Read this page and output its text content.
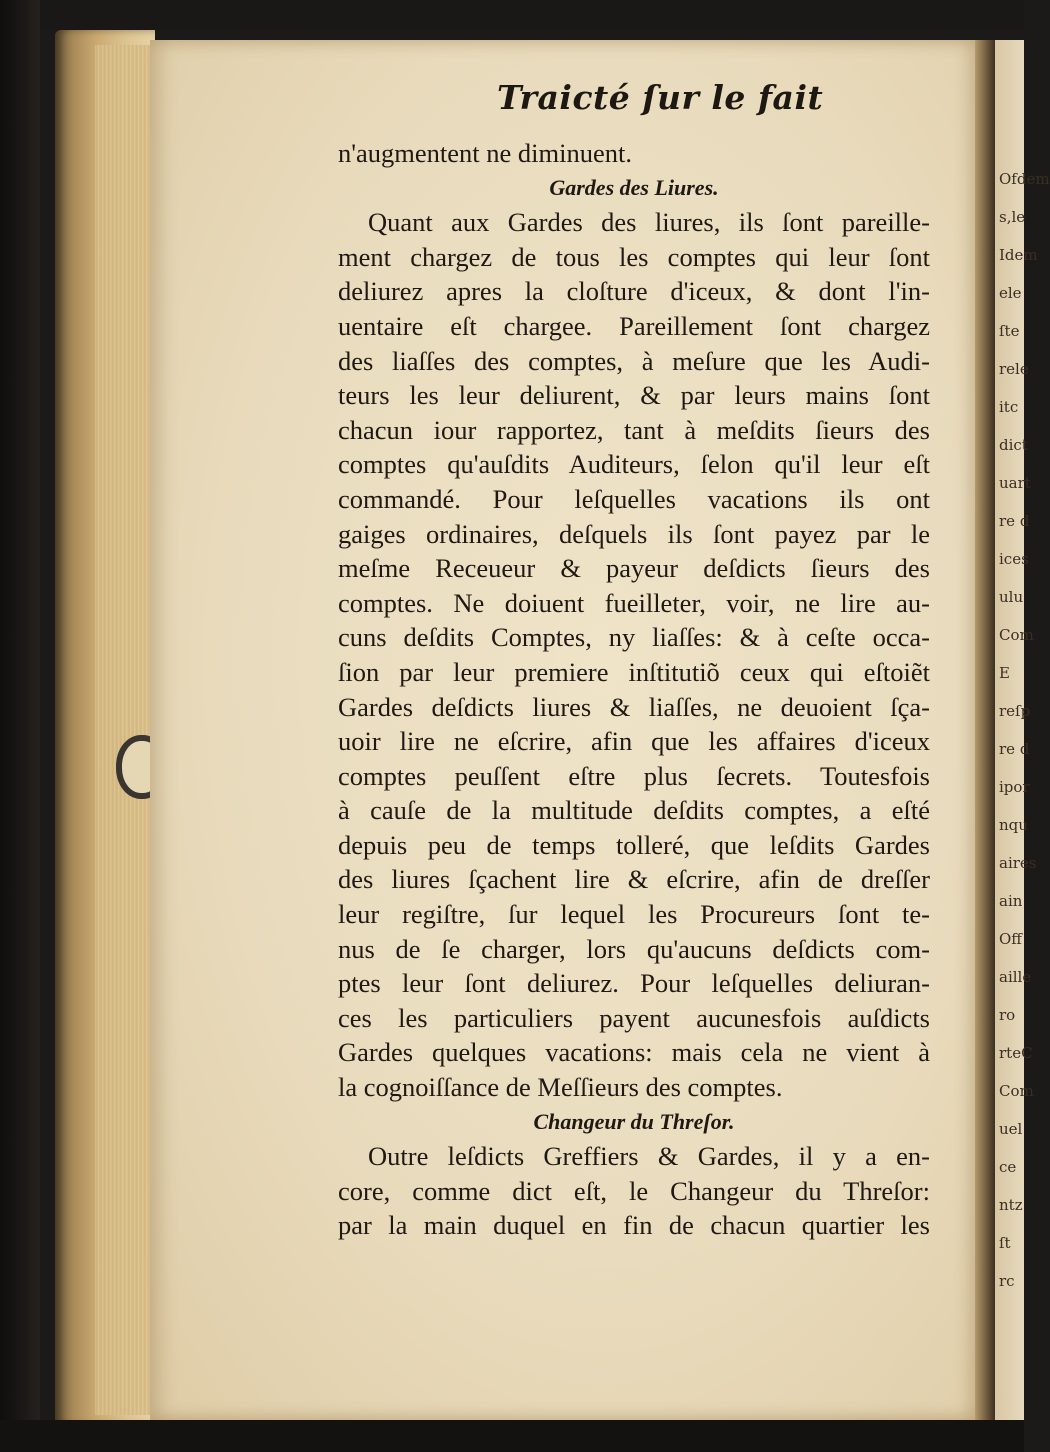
Traicté ſur le fait
n'augmentent ne diminuent.
Gardes des Liures.
Quant aux Gardes des liures, ils ſont pareille-
ment chargez de tous les comptes qui leur ſont
deliurez apres la cloſture d'iceux, & dont l'in-
uentaire eſt chargee. Pareillement ſont chargez
des liaſſes des comptes, à meſure que les Audi-
teurs les leur deliurent, & par leurs mains ſont
chacun iour rapportez, tant à meſdits ſieurs des
comptes qu'auſdits Auditeurs, ſelon qu'il leur eſt
commandé. Pour leſquelles vacations ils ont
gaiges ordinaires, deſquels ils ſont payez par le
meſme Receueur & payeur deſdicts ſieurs des
comptes. Ne doiuent fueilleter, voir, ne lire au-
cuns deſdits Comptes, ny liaſſes: & à ceſte occa-
ſion par leur premiere inſtitutiõ ceux qui eſtoiẽt
Gardes deſdicts liures & liaſſes, ne deuoient ſça-
uoir lire ne eſcrire, afin que les affaires d'iceux
comptes peuſſent eſtre plus ſecrets. Toutesfois
à cauſe de la multitude deſdits comptes, a eſté
depuis peu de temps tolleré, que leſdits Gardes
des liures ſçachent lire & eſcrire, afin de dreſſer
leur regiſtre, ſur lequel les Procureurs ſont te-
nus de ſe charger, lors qu'aucuns deſdicts com-
ptes leur ſont deliurez. Pour leſquelles deliuran-
ces les particuliers payent aucunesfois auſdicts
Gardes quelques vacations: mais cela ne vient à
la cognoiſſance de Meſſieurs des comptes.
Changeur du Threſor.
Outre leſdicts Greffiers & Gardes, il y a en-
core, comme dict eſt, le Changeur du Threſor:
par la main duquel en fin de chacun quartier les
Ofdem
s,le
Idem
ele
ſte
rele
itc
dict
uart
re d
ices
ulu
Com
E
reſp
re d
ipor
nqu
aires
ain
Off
aille
ro
rteC
Com
uel
ce
ntz
ſt
rc
